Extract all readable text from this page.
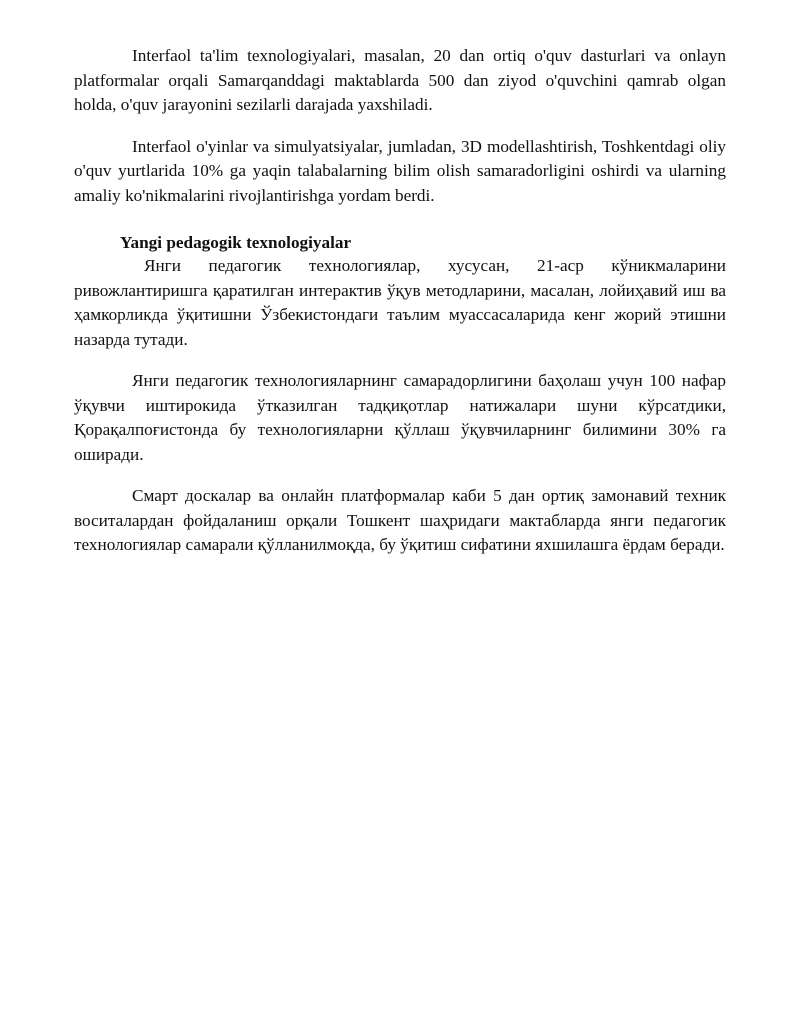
Interfaol ta'lim texnologiyalari, masalan, 20 dan ortiq o'quv dasturlari va onlayn platformalar orqali Samarqanddagi maktablarda 500 dan ziyod o'quvchini qamrab olgan holda, o'quv jarayonini sezilarli darajada yaxshiladi.

Interfaol o'yinlar va simulyatsiyalar, jumladan, 3D modellashtirish, Toshkentdagi oliy o'quv yurtlarida 10% ga yaqin talabalarning bilim olish samaradorligini oshirdi va ularning amaliy ko'nikmalarini rivojlantirishga yordam berdi.

Yangi pedagogik texnologiyalar

Янги педагогик технологиялар, хусусан, 21-аср кўникмаларини ривожлантиришга қаратилган интерактив ўқув методларини, масалан, лойиҳавий иш ва ҳамкорликда ўқитишни Ўзбекистондаги таълим муассасаларида кенг жорий этишни назарда тутади.

Янги педагогик технологияларнинг самарадорлигини баҳолаш учун 100 нафар ўқувчи иштирокида ўтказилган тадқиқотлар натижалари шуни кўрсатдики, Қорақалпоғистонда бу технологияларни қўллаш ўқувчиларнинг билимини 30% га оширади.

Смарт доскалар ва онлайн платформалар каби 5 дан ортиқ замонавий техник воситалардан фойдаланиш орқали Тошкент шаҳридаги мактабларда янги педагогик технологиялар самарали қўлланилмоқда, бу ўқитиш сифатини яхшилашга ёрдам беради.
